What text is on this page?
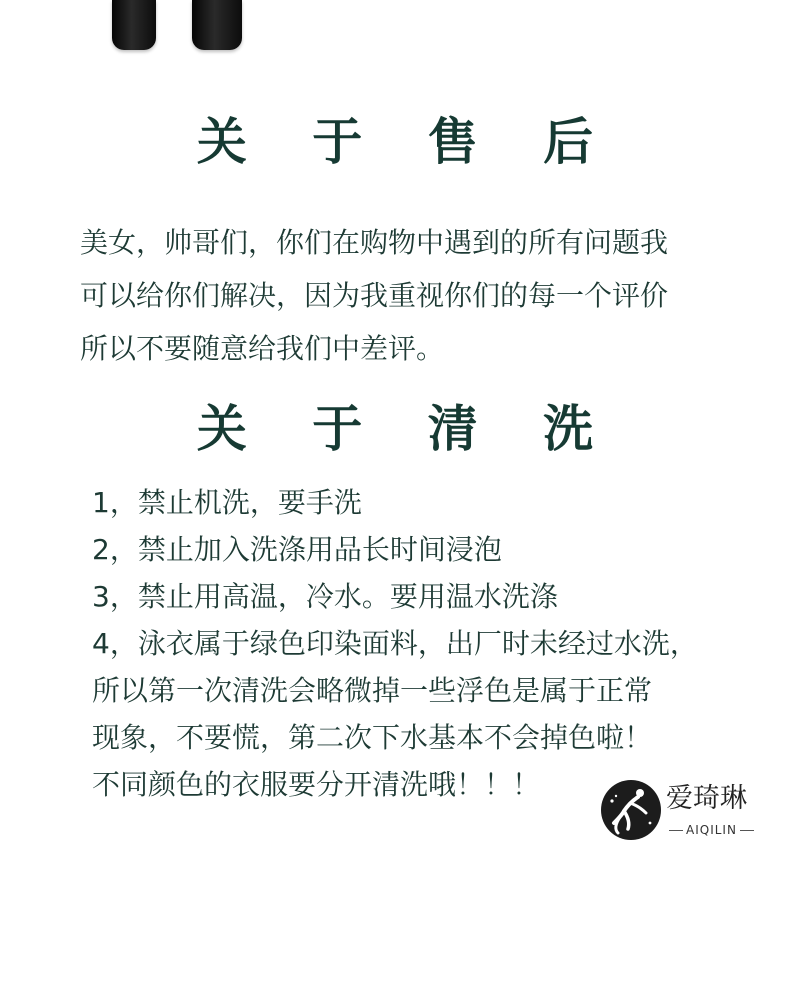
关 于 售 后
美女，帅哥们，你们在购物中遇到的所有问题我
可以给你们解决，因为我重视你们的每一个评价
所以不要随意给我们中差评。
关 于 清 洗
1，禁止机洗，要手洗
2，禁止加入洗涤用品长时间浸泡
3，禁止用高温，冷水。要用温水洗涤
4，泳衣属于绿色印染面料，出厂时未经过水洗，
所以第一次清洗会略微掉一些浮色是属于正常
现象，不要慌，第二次下水基本不会掉色啦！
不同颜色的衣服要分开清洗哦！！！	爱琦琳
AIQILIN
